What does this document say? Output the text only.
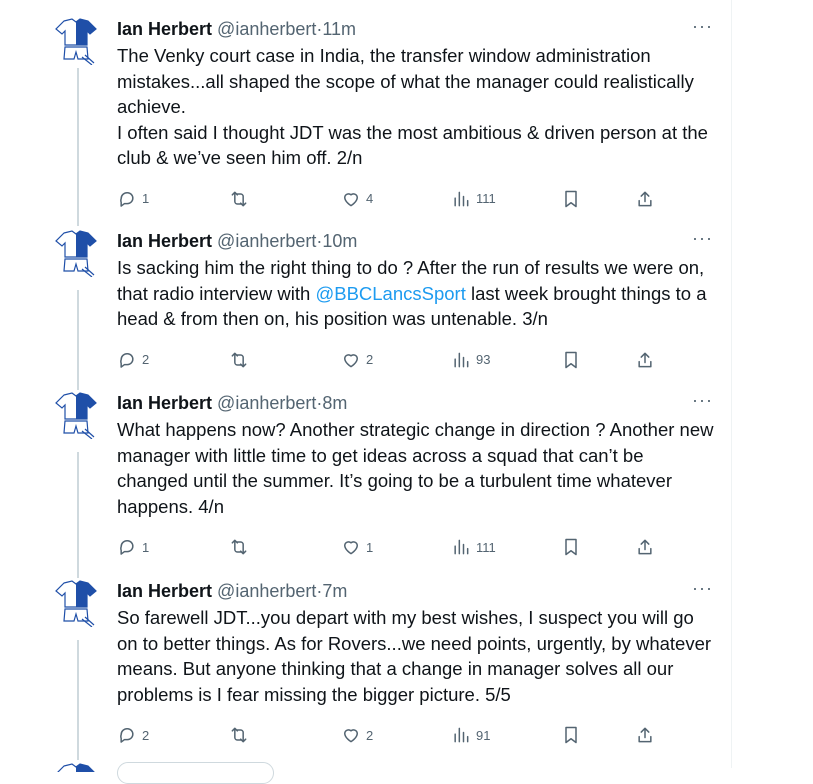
Ian Herbert @ianherbert·11m
The Venky court case in India, the transfer window administration mistakes...all shaped the scope of what the manager could realistically achieve.
I often said I thought JDT was the most ambitious & driven person at the club & we’ve seen him off. 2/n
1	4	111
···
Ian Herbert @ianherbert·10m
Is sacking him the right thing to do ? After the run of results we were on, that radio interview with @BBCLancsSport last week brought things to a head & from then on, his position was untenable. 3/n
2	2	93
···
Ian Herbert @ianherbert·8m
What happens now? Another strategic change in direction ? Another new manager with little time to get ideas across a squad that can’t be changed until the summer. It’s going to be a turbulent time whatever happens. 4/n
1	1	111
···
Ian Herbert @ianherbert·7m
So farewell JDT...you depart with my best wishes, I suspect you will go on to better things. As for Rovers...we need points, urgently, by whatever means. But anyone thinking that a change in manager solves all our problems is I fear missing the bigger picture. 5/5
2	2	91
···
